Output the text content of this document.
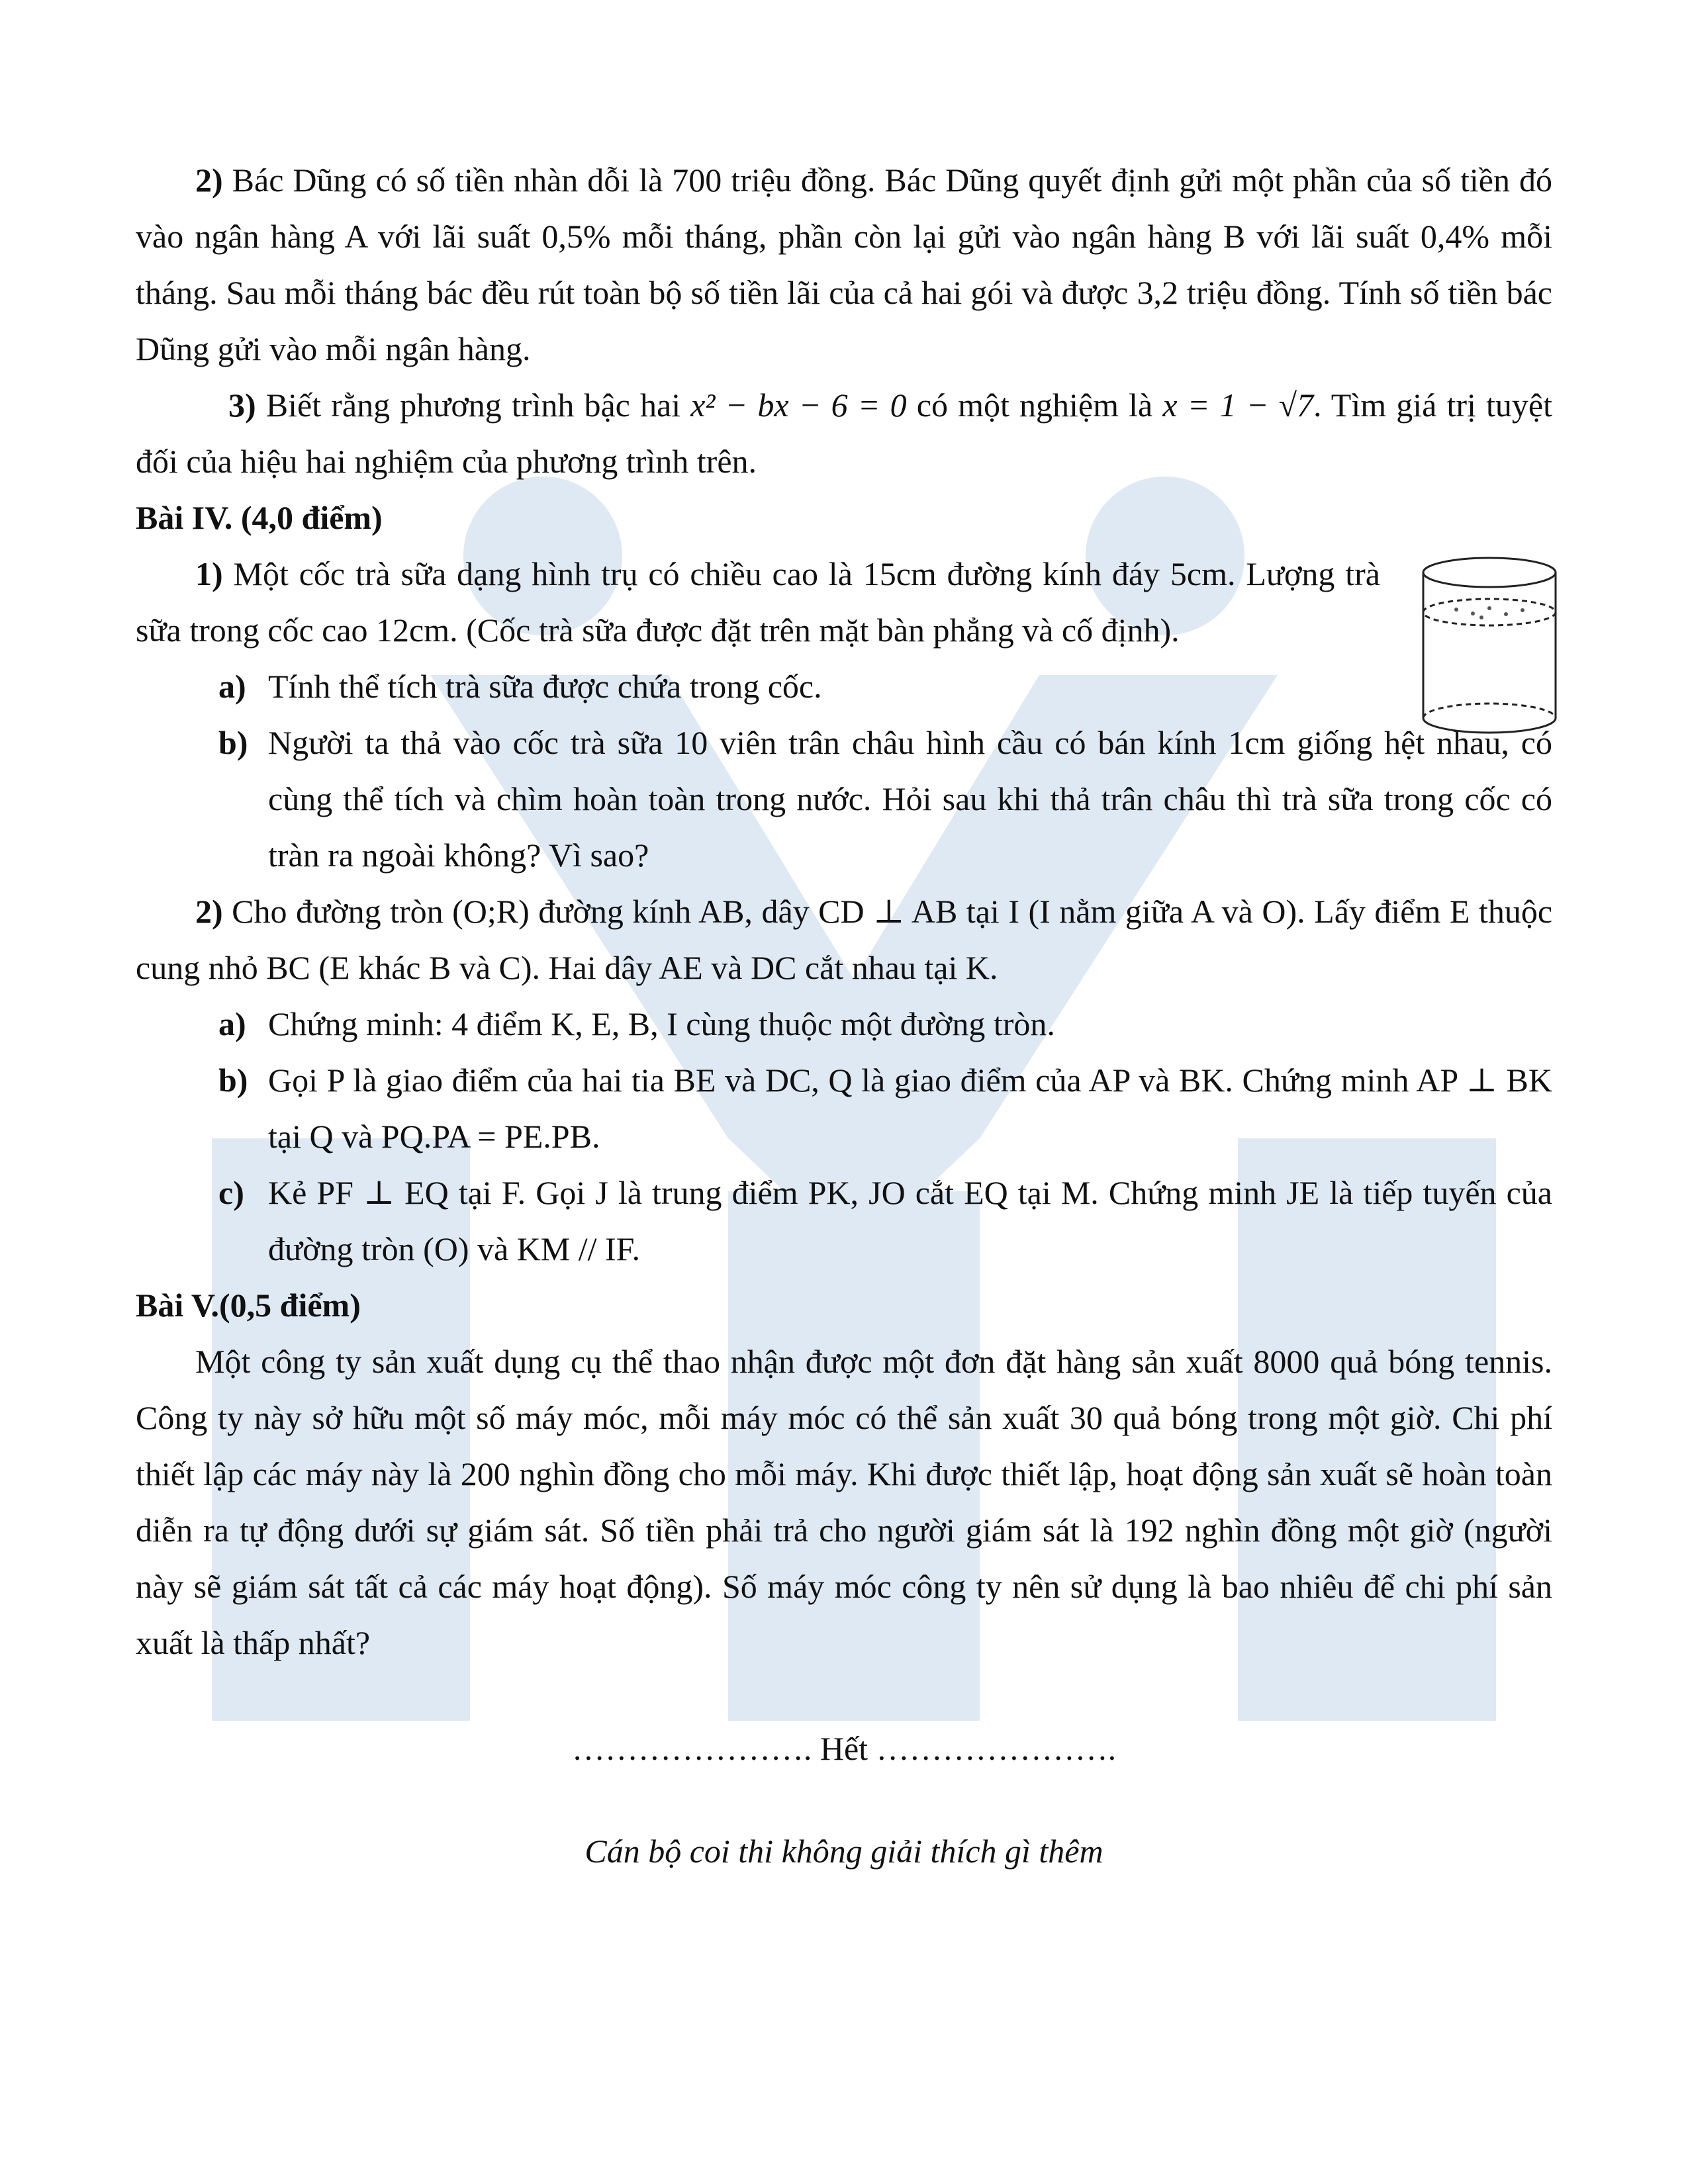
2) Bác Dũng có số tiền nhàn dỗi là 700 triệu đồng. Bác Dũng quyết định gửi một phần của số tiền đó vào ngân hàng A với lãi suất 0,5% mỗi tháng, phần còn lại gửi vào ngân hàng B với lãi suất 0,4% mỗi tháng. Sau mỗi tháng bác đều rút toàn bộ số tiền lãi của cả hai gói và được 3,2 triệu đồng. Tính số tiền bác Dũng gửi vào mỗi ngân hàng.

3) Biết rằng phương trình bậc hai x² − bx − 6 = 0 có một nghiệm là x = 1 − √7. Tìm giá trị tuyệt đối của hiệu hai nghiệm của phương trình trên.

Bài IV. (4,0 điểm)

1) Một cốc trà sữa dạng hình trụ có chiều cao là 15cm đường kính đáy 5cm. Lượng trà sữa trong cốc cao 12cm. (Cốc trà sữa được đặt trên mặt bàn phẳng và cố định).

a) Tính thể tích trà sữa được chứa trong cốc.
b) Người ta thả vào cốc trà sữa 10 viên trân châu hình cầu có bán kính 1cm giống hệt nhau, có cùng thể tích và chìm hoàn toàn trong nước. Hỏi sau khi thả trân châu thì trà sữa trong cốc có tràn ra ngoài không? Vì sao?

2) Cho đường tròn (O;R) đường kính AB, dây CD ⊥ AB tại I (I nằm giữa A và O). Lấy điểm E thuộc cung nhỏ BC (E khác B và C). Hai dây AE và DC cắt nhau tại K.

a) Chứng minh: 4 điểm K, E, B, I cùng thuộc một đường tròn.
b) Gọi P là giao điểm của hai tia BE và DC, Q là giao điểm của AP và BK. Chứng minh AP ⊥ BK tại Q và PQ.PA = PE.PB.
c) Kẻ PF ⊥ EQ tại F. Gọi J là trung điểm PK, JO cắt EQ tại M. Chứng minh JE là tiếp tuyến của đường tròn (O) và KM // IF.

Bài V.(0,5 điểm)

Một công ty sản xuất dụng cụ thể thao nhận được một đơn đặt hàng sản xuất 8000 quả bóng tennis. Công ty này sở hữu một số máy móc, mỗi máy móc có thể sản xuất 30 quả bóng trong một giờ. Chi phí thiết lập các máy này là 200 nghìn đồng cho mỗi máy. Khi được thiết lập, hoạt động sản xuất sẽ hoàn toàn diễn ra tự động dưới sự giám sát. Số tiền phải trả cho người giám sát là 192 nghìn đồng một giờ (người này sẽ giám sát tất cả các máy hoạt động). Số máy móc công ty nên sử dụng là bao nhiêu để chi phí sản xuất là thấp nhất?

…………………. Hết ………………….

Cán bộ coi thi không giải thích gì thêm
